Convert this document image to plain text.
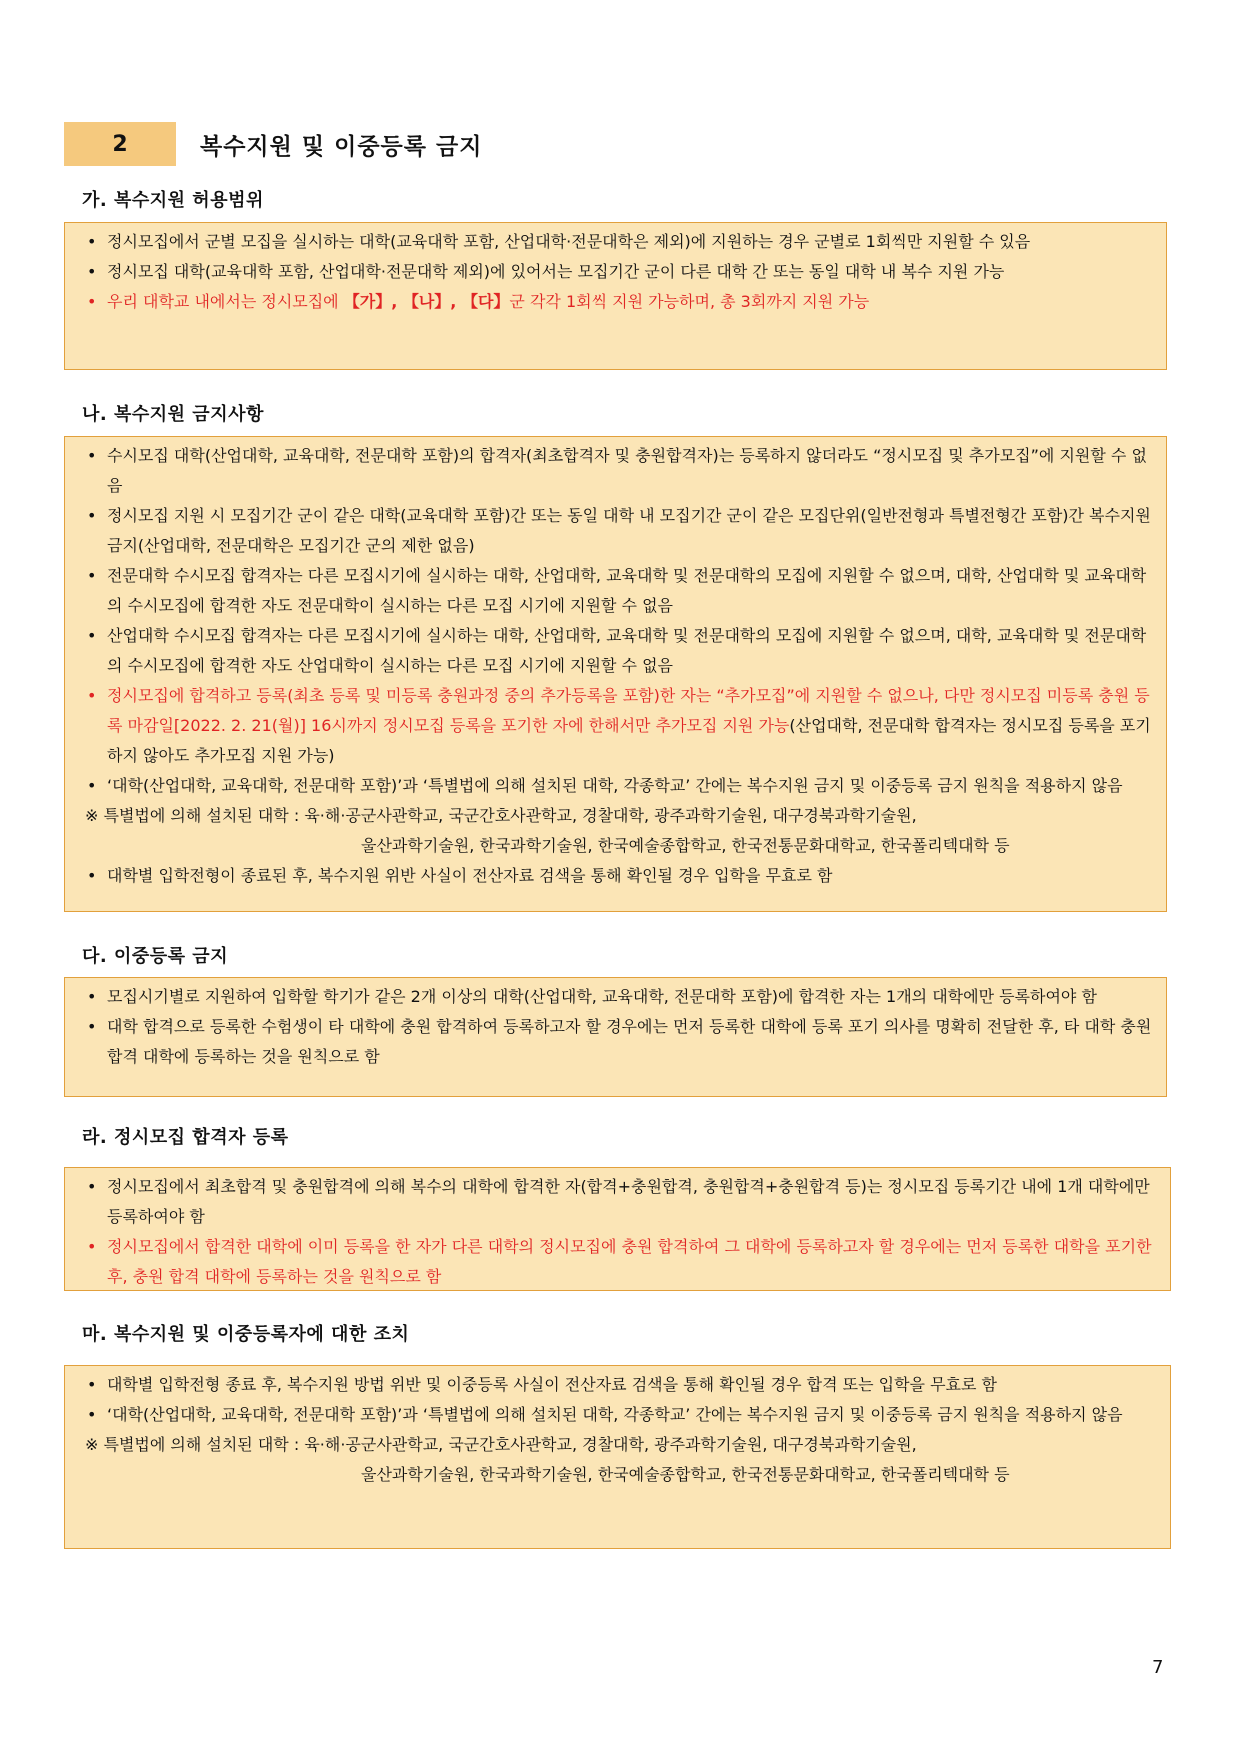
2	복수지원 및 이중등록 금지
가. 복수지원 허용범위
• 정시모집에서 군별 모집을 실시하는 대학(교육대학 포함, 산업대학·전문대학은 제외)에 지원하는 경우 군별로 1회씩만 지원할 수 있음
• 정시모집 대학(교육대학 포함, 산업대학·전문대학 제외)에 있어서는 모집기간 군이 다른 대학 간 또는 동일 대학 내 복수 지원 가능
• 우리 대학교 내에서는 정시모집에 【가】, 【나】, 【다】군 각각 1회씩 지원 가능하며, 총 3회까지 지원 가능
나. 복수지원 금지사항
• 수시모집 대학(산업대학, 교육대학, 전문대학 포함)의 합격자(최초합격자 및 충원합격자)는 등록하지 않더라도 “정시모집 및 추가모집”에 지원할 수 없음
• 정시모집 지원 시 모집기간 군이 같은 대학(교육대학 포함)간 또는 동일 대학 내 모집기간 군이 같은 모집단위(일반전형과 특별전형간 포함)간 복수지원 금지(산업대학, 전문대학은 모집기간 군의 제한 없음)
• 전문대학 수시모집 합격자는 다른 모집시기에 실시하는 대학, 산업대학, 교육대학 및 전문대학의 모집에 지원할 수 없으며, 대학, 산업대학 및 교육대학의 수시모집에 합격한 자도 전문대학이 실시하는 다른 모집 시기에 지원할 수 없음
• 산업대학 수시모집 합격자는 다른 모집시기에 실시하는 대학, 산업대학, 교육대학 및 전문대학의 모집에 지원할 수 없으며, 대학, 교육대학 및 전문대학의 수시모집에 합격한 자도 산업대학이 실시하는 다른 모집 시기에 지원할 수 없음
• 정시모집에 합격하고 등록(최초 등록 및 미등록 충원과정 중의 추가등록을 포함)한 자는 “추가모집”에 지원할 수 없으나, 다만 정시모집 미등록 충원 등록 마감일[2022. 2. 21(월)] 16시까지 정시모집 등록을 포기한 자에 한해서만 추가모집 지원 가능(산업대학, 전문대학 합격자는 정시모집 등록을 포기하지 않아도 추가모집 지원 가능)
• ‘대학(산업대학, 교육대학, 전문대학 포함)’과 ‘특별법에 의해 설치된 대학, 각종학교’ 간에는 복수지원 금지 및 이중등록 금지 원칙을 적용하지 않음
※ 특별법에 의해 설치된 대학 : 육·해·공군사관학교, 국군간호사관학교, 경찰대학, 광주과학기술원, 대구경북과학기술원,
울산과학기술원, 한국과학기술원, 한국예술종합학교, 한국전통문화대학교, 한국폴리텍대학 등
• 대학별 입학전형이 종료된 후, 복수지원 위반 사실이 전산자료 검색을 통해 확인될 경우 입학을 무효로 함
다. 이중등록 금지
• 모집시기별로 지원하여 입학할 학기가 같은 2개 이상의 대학(산업대학, 교육대학, 전문대학 포함)에 합격한 자는 1개의 대학에만 등록하여야 함
• 대학 합격으로 등록한 수험생이 타 대학에 충원 합격하여 등록하고자 할 경우에는 먼저 등록한 대학에 등록 포기 의사를 명확히 전달한 후, 타 대학 충원 합격 대학에 등록하는 것을 원칙으로 함
라. 정시모집 합격자 등록
• 정시모집에서 최초합격 및 충원합격에 의해 복수의 대학에 합격한 자(합격+충원합격, 충원합격+충원합격 등)는 정시모집 등록기간 내에 1개 대학에만 등록하여야 함
• 정시모집에서 합격한 대학에 이미 등록을 한 자가 다른 대학의 정시모집에 충원 합격하여 그 대학에 등록하고자 할 경우에는 먼저 등록한 대학을 포기한 후, 충원 합격 대학에 등록하는 것을 원칙으로 함
마. 복수지원 및 이중등록자에 대한 조치
• 대학별 입학전형 종료 후, 복수지원 방법 위반 및 이중등록 사실이 전산자료 검색을 통해 확인될 경우 합격 또는 입학을 무효로 함
• ‘대학(산업대학, 교육대학, 전문대학 포함)’과 ‘특별법에 의해 설치된 대학, 각종학교’ 간에는 복수지원 금지 및 이중등록 금지 원칙을 적용하지 않음
※ 특별법에 의해 설치된 대학 : 육·해·공군사관학교, 국군간호사관학교, 경찰대학, 광주과학기술원, 대구경북과학기술원,
울산과학기술원, 한국과학기술원, 한국예술종합학교, 한국전통문화대학교, 한국폴리텍대학 등
7
